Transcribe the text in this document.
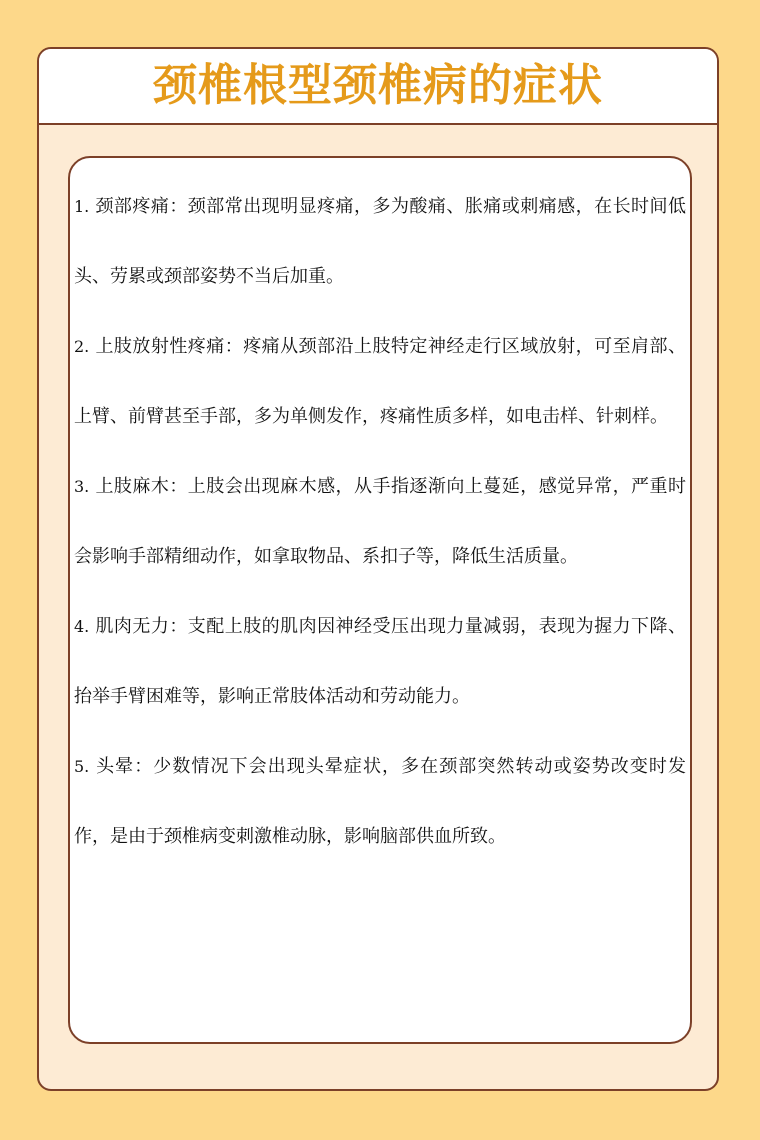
颈椎根型颈椎病的症状

1. 颈部疼痛：颈部常出现明显疼痛，多为酸痛、胀痛或刺痛感，在长时间低头、劳累或颈部姿势不当后加重。

2. 上肢放射性疼痛：疼痛从颈部沿上肢特定神经走行区域放射，可至肩部、上臂、前臂甚至手部，多为单侧发作，疼痛性质多样，如电击样、针刺样。

3. 上肢麻木：上肢会出现麻木感，从手指逐渐向上蔓延，感觉异常，严重时会影响手部精细动作，如拿取物品、系扣子等，降低生活质量。

4. 肌肉无力：支配上肢的肌肉因神经受压出现力量减弱，表现为握力下降、抬举手臂困难等，影响正常肢体活动和劳动能力。

5. 头晕：少数情况下会出现头晕症状，多在颈部突然转动或姿势改变时发作，是由于颈椎病变刺激椎动脉，影响脑部供血所致。
